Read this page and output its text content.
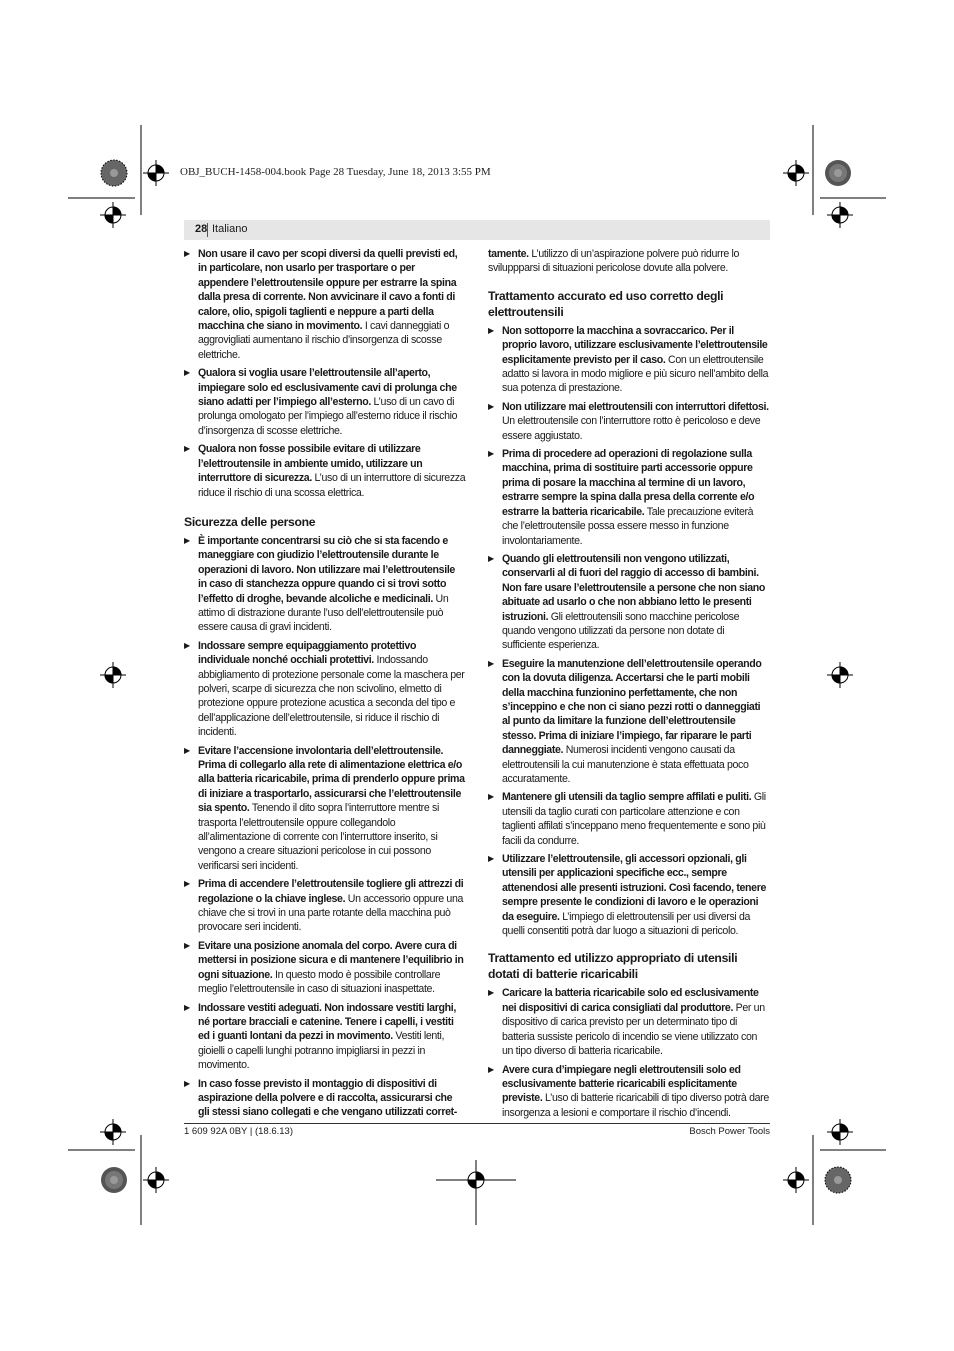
OBJ_BUCH-1458-004.book Page 28 Tuesday, June 18, 2013 3:55 PM
28 Italiano
▶ Non usare il cavo per scopi diversi da quelli previsti ed, in particolare, non usarlo per trasportare o per appendere l’elettroutensile oppure per estrarre la spina dalla presa di corrente. Non avvicinare il cavo a fonti di calore, olio, spigoli taglienti e neppure a parti della macchina che siano in movimento. I cavi danneggiati o aggrovigliati aumentano il rischio d’insorgenza di scosse elettriche.
▶ Qualora si voglia usare l’elettroutensile all’aperto, impiegare solo ed esclusivamente cavi di prolunga che siano adatti per l’impiego all’esterno. L’uso di un cavo di prolunga omologato per l’impiego all’esterno riduce il rischio d’insorgenza di scosse elettriche.
▶ Qualora non fosse possibile evitare di utilizzare l’elettroutensile in ambiente umido, utilizzare un interruttore di sicurezza. L’uso di un interruttore di sicurezza riduce il rischio di una scossa elettrica.
Sicurezza delle persone
▶ È importante concentrarsi su ciò che si sta facendo e maneggiare con giudizio l’elettroutensile durante le operazioni di lavoro. Non utilizzare mai l’elettroutensile in caso di stanchezza oppure quando ci si trovi sotto l’effetto di droghe, bevande alcoliche e medicinali. Un attimo di distrazione durante l’uso dell’elettroutensile può essere causa di gravi incidenti.
▶ Indossare sempre equipaggiamento protettivo individuale nonché occhiali protettivi. Indossando abbigliamento di protezione personale come la maschera per polveri, scarpe di sicurezza che non scivolino, elmetto di protezione oppure protezione acustica a seconda del tipo e dell’applicazione dell’elettroutensile, si riduce il rischio di incidenti.
▶ Evitare l’accensione involontaria dell’elettroutensile. Prima di collegarlo alla rete di alimentazione elettrica e/o alla batteria ricaricabile, prima di prenderlo oppure prima di iniziare a trasportarlo, assicurarsi che l’elettroutensile sia spento. Tenendo il dito sopra l’interruttore mentre si trasporta l’elettroutensile oppure collegandolo all’alimentazione di corrente con l’interruttore inserito, si vengono a creare situazioni pericolose in cui possono verificarsi seri incidenti.
▶ Prima di accendere l’elettroutensile togliere gli attrezzi di regolazione o la chiave inglese. Un accessorio oppure una chiave che si trovi in una parte rotante della macchina può provocare seri incidenti.
▶ Evitare una posizione anomala del corpo. Avere cura di mettersi in posizione sicura e di mantenere l’equilibrio in ogni situazione. In questo modo è possibile controllare meglio l’elettroutensile in caso di situazioni inaspettate.
▶ Indossare vestiti adeguati. Non indossare vestiti larghi, né portare bracciali e catenine. Tenere i capelli, i vestiti ed i guanti lontani da pezzi in movimento. Vestiti lenti, gioielli o capelli lunghi potranno impigliarsi in pezzi in movimento.
▶ In caso fosse previsto il montaggio di dispositivi di aspirazione della polvere e di raccolta, assicurarsi che gli stessi siano collegati e che vengano utilizzati corret-
tamente. L’utilizzo di un’aspirazione polvere può ridurre lo sviluppparsi di situazioni pericolose dovute alla polvere.
Trattamento accurato ed uso corretto degli elettroutensili
▶ Non sottoporre la macchina a sovraccarico. Per il proprio lavoro, utilizzare esclusivamente l’elettroutensile esplicitamente previsto per il caso. Con un elettroutensile adatto si lavora in modo migliore e più sicuro nell’ambito della sua potenza di prestazione.
▶ Non utilizzare mai elettroutensili con interruttori difettosi. Un elettroutensile con l’interruttore rotto è pericoloso e deve essere aggiustato.
▶ Prima di procedere ad operazioni di regolazione sulla macchina, prima di sostituire parti accessorie oppure prima di posare la macchina al termine di un lavoro, estrarre sempre la spina dalla presa della corrente e/o estrarre la batteria ricaricabile. Tale precauzione eviterà che l’elettroutensile possa essere messo in funzione involontariamente.
▶ Quando gli elettroutensili non vengono utilizzati, conservarli al di fuori del raggio di accesso di bambini. Non fare usare l’elettroutensile a persone che non siano abituate ad usarlo o che non abbiano letto le presenti istruzioni. Gli elettroutensili sono macchine pericolose quando vengono utilizzati da persone non dotate di sufficiente esperienza.
▶ Eseguire la manutenzione dell’elettroutensile operando con la dovuta diligenza. Accertarsi che le parti mobili della macchina funzionino perfettamente, che non s’inceppino e che non ci siano pezzi rotti o danneggiati al punto da limitare la funzione dell’elettroutensile stesso. Prima di iniziare l’impiego, far riparare le parti danneggiate. Numerosi incidenti vengono causati da elettroutensili la cui manutenzione è stata effettuata poco accuratamente.
▶ Mantenere gli utensili da taglio sempre affilati e puliti. Gli utensili da taglio curati con particolare attenzione e con taglienti affilati s’inceppano meno frequentemente e sono più facili da condurre.
▶ Utilizzare l’elettroutensile, gli accessori opzionali, gli utensili per applicazioni specifiche ecc., sempre attenendosi alle presenti istruzioni. Così facendo, tenere sempre presente le condizioni di lavoro e le operazioni da eseguire. L’impiego di elettroutensili per usi diversi da quelli consentiti potrà dar luogo a situazioni di pericolo.
Trattamento ed utilizzo appropriato di utensili dotati di batterie ricaricabili
▶ Caricare la batteria ricaricabile solo ed esclusivamente nei dispositivi di carica consigliati dal produttore. Per un dispositivo di carica previsto per un determinato tipo di batteria sussiste pericolo di incendio se viene utilizzato con un tipo diverso di batteria ricaricabile.
▶ Avere cura d’impiegare negli elettroutensili solo ed esclusivamente batterie ricaricabili esplicitamente previste. L’uso di batterie ricaricabili di tipo diverso potrà dare insorgenza a lesioni e comportare il rischio d’incendi.
1 609 92A 0BY | (18.6.13)	Bosch Power Tools
